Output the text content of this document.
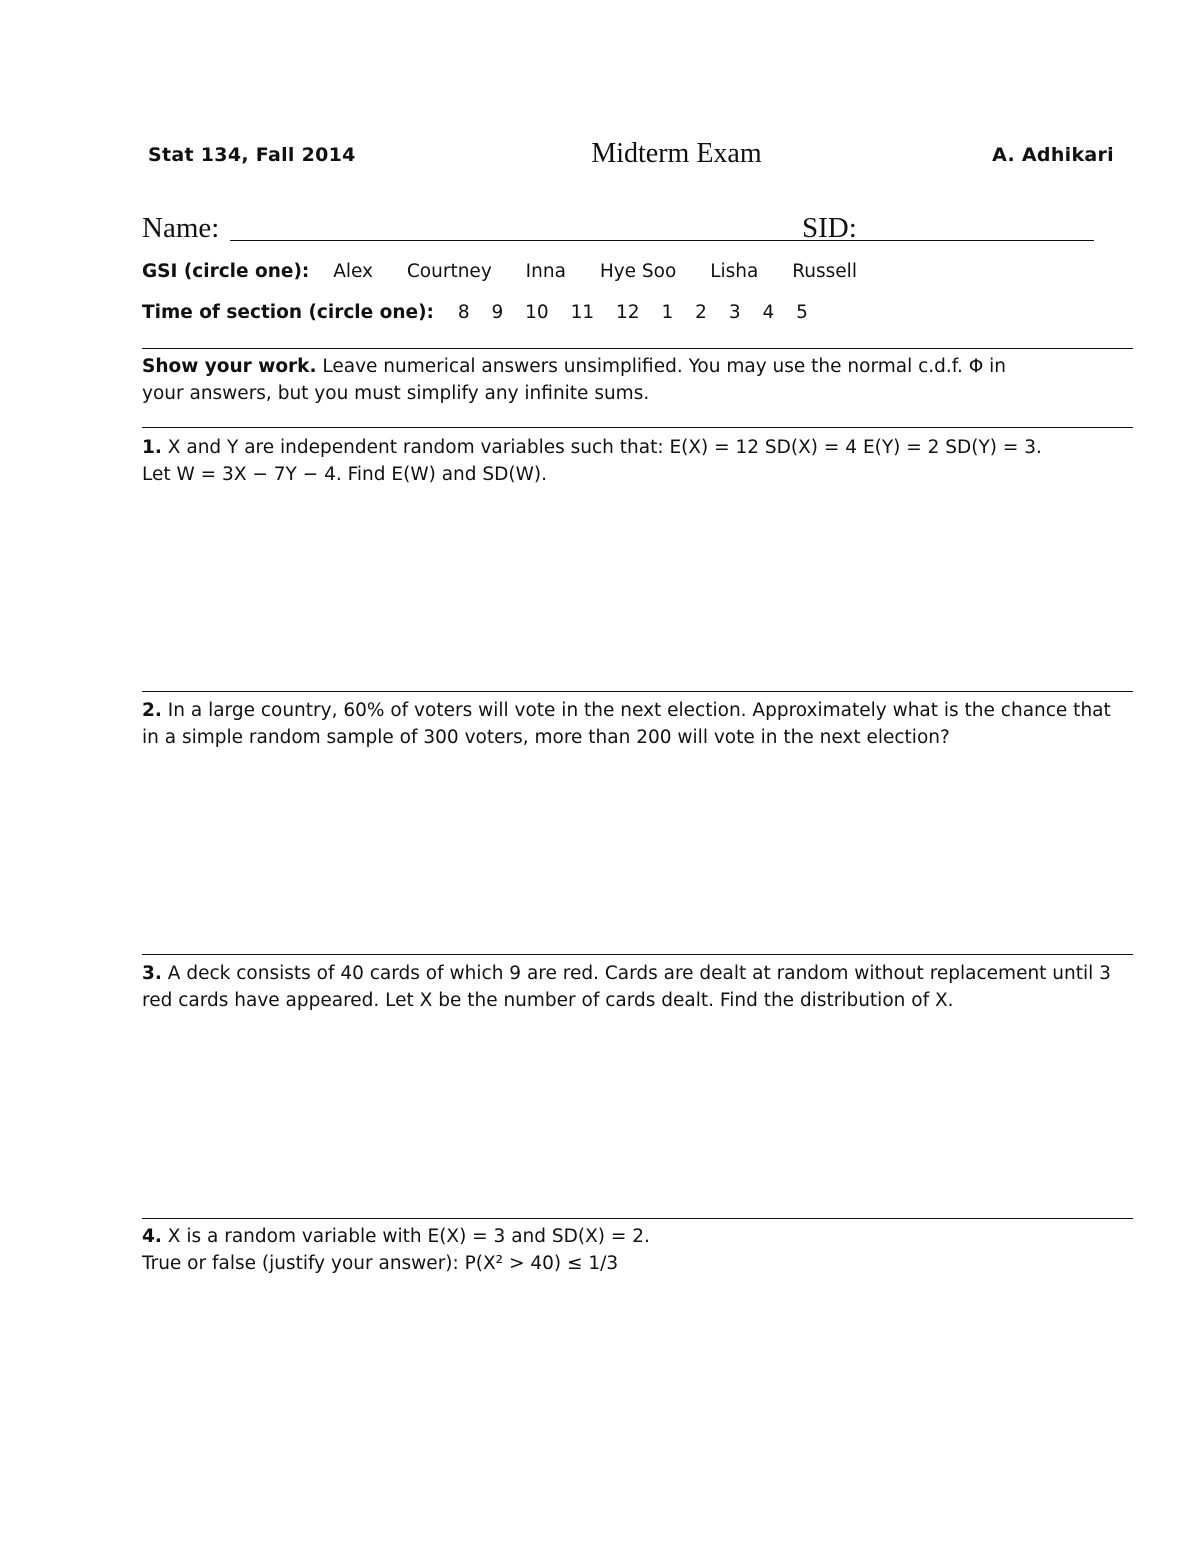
Stat 134, Fall 2014	Midterm Exam	A. Adhikari
Name:	SID:
GSI (circle one): Alex Courtney Inna Hye Soo Lisha Russell
Time of section (circle one): 8 9 10 11 12 1 2 3 4 5
Show your work. Leave numerical answers unsimplified. You may use the normal c.d.f. Φ in
your answers, but you must simplify any infinite sums.
1. X and Y are independent random variables such that: E(X) = 12 SD(X) = 4 E(Y) = 2 SD(Y) = 3.
Let W = 3X − 7Y − 4. Find E(W) and SD(W).
2. In a large country, 60% of voters will vote in the next election. Approximately what is the chance that
in a simple random sample of 300 voters, more than 200 will vote in the next election?
3. A deck consists of 40 cards of which 9 are red. Cards are dealt at random without replacement until 3
red cards have appeared. Let X be the number of cards dealt. Find the distribution of X.
4. X is a random variable with E(X) = 3 and SD(X) = 2.
True or false (justify your answer): P(X² > 40) ≤ 1/3
